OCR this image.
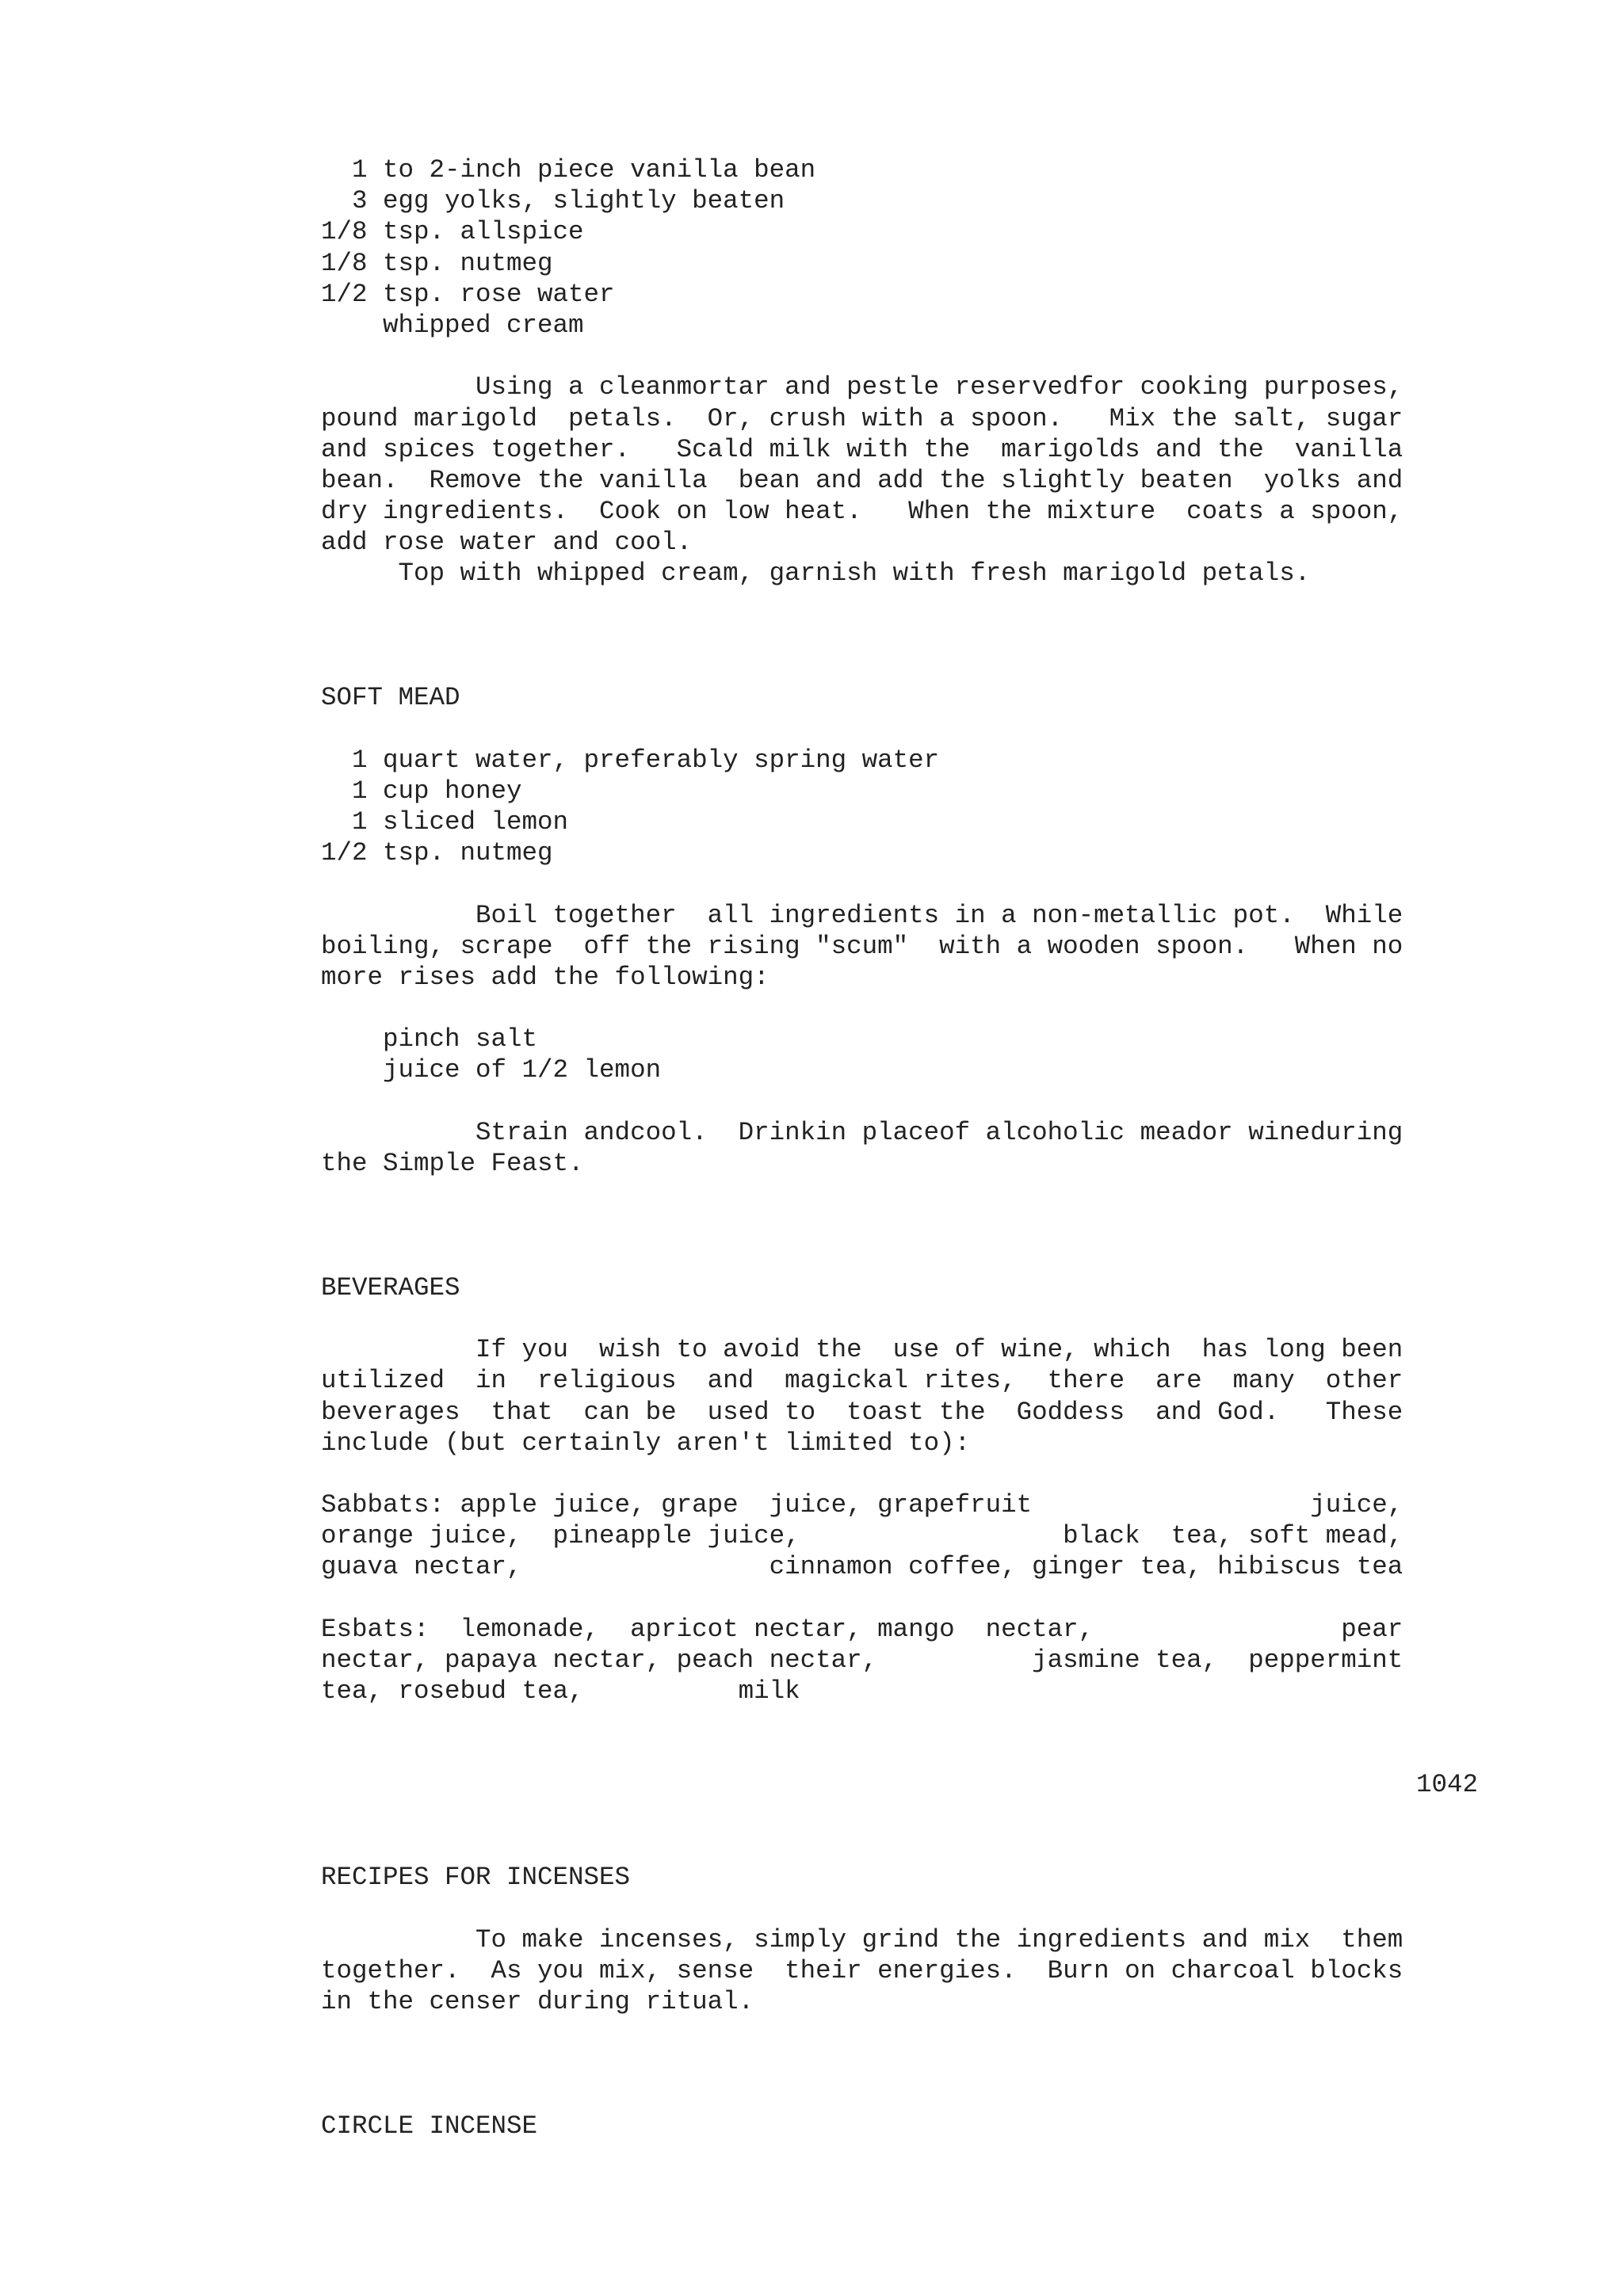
1 to 2-inch piece vanilla bean
3 egg yolks, slightly beaten
1/8 tsp. allspice
1/8 tsp. nutmeg
1/2 tsp. rose water
whipped cream
Using a cleanmortar and pestle reservedfor cooking purposes,
pound marigold  petals.  Or, crush with a spoon.   Mix the salt, sugar
and spices together.   Scald milk with the  marigolds and the  vanilla
bean.  Remove the vanilla  bean and add the slightly beaten  yolks and
dry ingredients.  Cook on low heat.   When the mixture  coats a spoon,
add rose water and cool.
Top with whipped cream, garnish with fresh marigold petals.
SOFT MEAD
1 quart water, preferably spring water
1 cup honey
1 sliced lemon
1/2 tsp. nutmeg
Boil together  all ingredients in a non-metallic pot.  While
boiling, scrape  off the rising "scum"  with a wooden spoon.   When no
more rises add the following:
pinch salt
juice of 1/2 lemon
Strain andcool.  Drinkin placeof alcoholic meador wineduring
the Simple Feast.
BEVERAGES
If you  wish to avoid the  use of wine, which  has long been
utilized  in  religious  and  magickal rites,  there  are  many  other
beverages  that  can be  used to  toast the  Goddess  and God.   These
include (but certainly aren't limited to):
Sabbats: apple juice, grape  juice, grapefruit                  juice,
orange juice,  pineapple juice,                 black  tea, soft mead,
guava nectar,                cinnamon coffee, ginger tea, hibiscus tea
Esbats:  lemonade,  apricot nectar, mango  nectar,                pear
nectar, papaya nectar, peach nectar,          jasmine tea,  peppermint
tea, rosebud tea,          milk
1042
RECIPES FOR INCENSES
To make incenses, simply grind the ingredients and mix  them
together.  As you mix, sense  their energies.  Burn on charcoal blocks
in the censer during ritual.
CIRCLE INCENSE
